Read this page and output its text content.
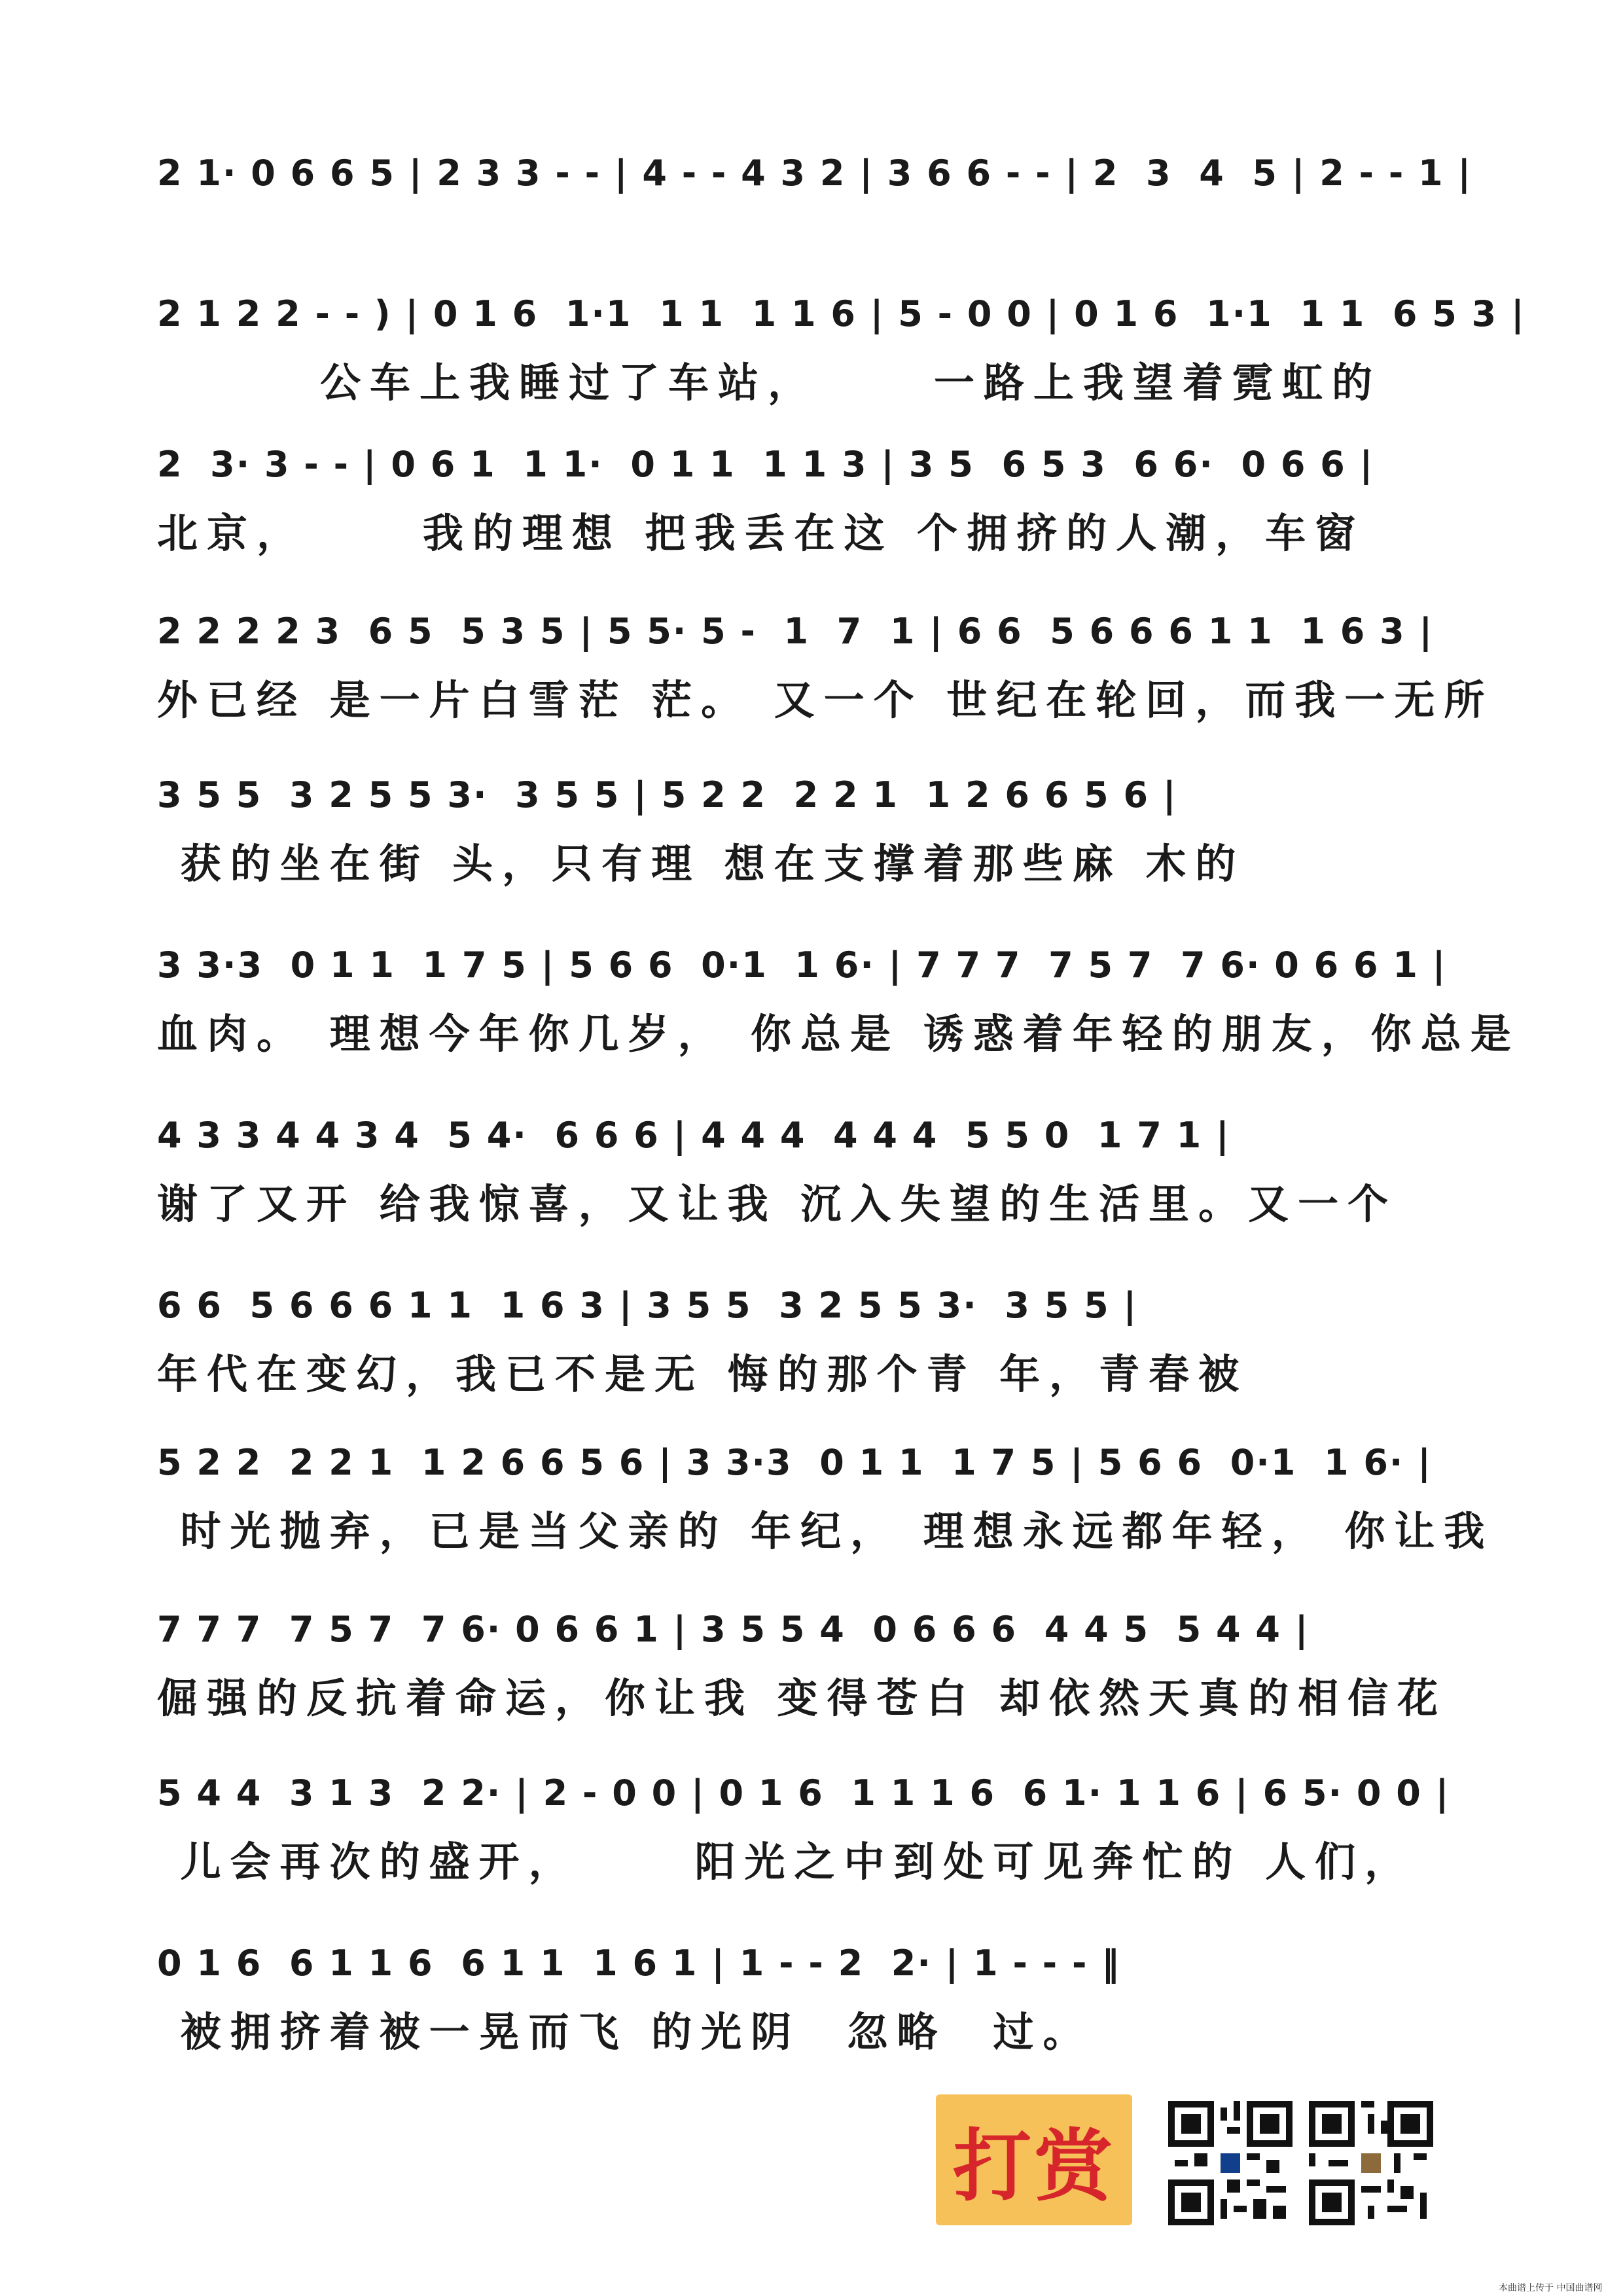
2 1· 0 6 6 5 | 2 3 3 - - | 4 - - 4 3 2 | 3 6 6 - - | 2  3  4  5 | 2 - - 1 |
2 1 2 2 - - ) | 0 1 6  1·1  1 1  1 1 6 | 5 - 0 0 | 0 1 6  1·1  1 1  6 5 3 |
公车上我睡过了车站，     一路上我望着霓虹的
2  3· 3 - - | 0 6 1  1 1·  0 1 1  1 1 3 | 3 5  6 5 3  6 6·  0 6 6 |
北京，     我的理想 把我丢在这 个拥挤的人潮，车窗
2 2 2 2 3  6 5  5 3 5 | 5 5· 5 -  1  7  1 | 6 6  5 6 6 6 1 1  1 6 3 |
外已经 是一片白雪茫 茫。 又一个 世纪在轮回，而我一无所
3 5 5  3 2 5 5 3·  3 5 5 | 5 2 2  2 2 1  1 2 6 6 5 6 |
获的坐在街 头，只有理 想在支撑着那些麻 木的
3 3·3  0 1 1  1 7 5 | 5 6 6  0·1  1 6· | 7 7 7  7 5 7  7 6· 0 6 6 1 |
血肉。 理想今年你几岁， 你总是 诱惑着年轻的朋友，你总是
4 3 3 4 4 3 4  5 4·  6 6 6 | 4 4 4  4 4 4  5 5 0  1 7 1 |
谢了又开 给我惊喜，又让我 沉入失望的生活里。又一个
6 6  5 6 6 6 1 1  1 6 3 | 3 5 5  3 2 5 5 3·  3 5 5 |
年代在变幻，我已不是无 悔的那个青 年，青春被
5 2 2  2 2 1  1 2 6 6 5 6 | 3 3·3  0 1 1  1 7 5 | 5 6 6  0·1  1 6· |
时光抛弃，已是当父亲的 年纪， 理想永远都年轻， 你让我
7 7 7  7 5 7  7 6· 0 6 6 1 | 3 5 5 4  0 6 6 6  4 4 5  5 4 4 |
倔强的反抗着命运，你让我 变得苍白 却依然天真的相信花
5 4 4  3 1 3  2 2· | 2 - 0 0 | 0 1 6  1 1 1 6  6 1· 1 1 6 | 6 5· 0 0 |
儿会再次的盛开，     阳光之中到处可见奔忙的 人们，
0 1 6  6 1 1 6  6 1 1  1 6 1 | 1 - - 2  2· | 1 - - - ‖
被拥挤着被一晃而飞 的光阴  忽略  过。
打赏
本曲谱上传于 中国曲谱网
